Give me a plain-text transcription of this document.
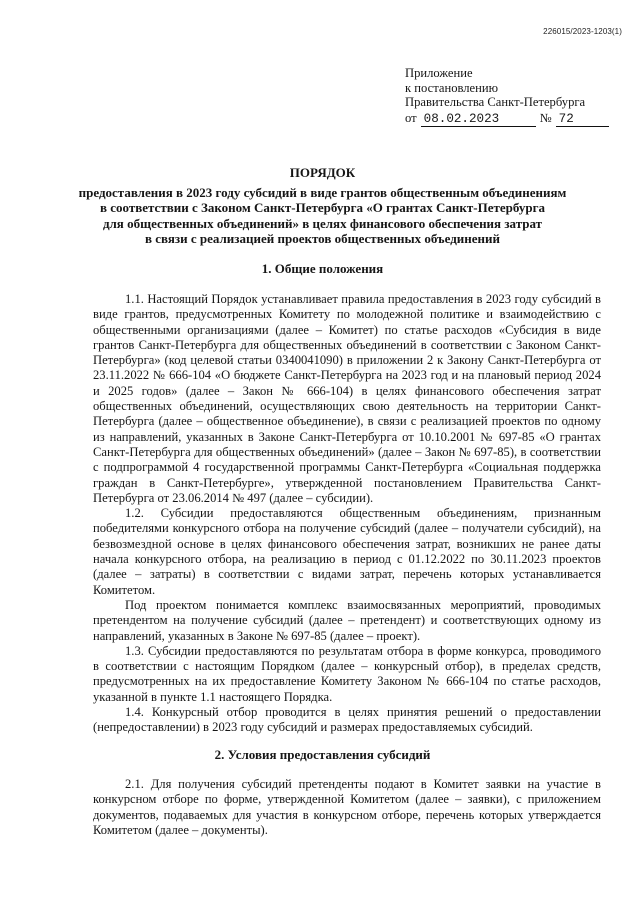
226015/2023-1203(1)
Приложение
к постановлению
Правительства Санкт-Петербурга
от 08.02.2023	№ 72
ПОРЯДОК
предоставления в 2023 году субсидий в виде грантов общественным объединениям
в соответствии с Законом Санкт-Петербурга «О грантах Санкт-Петербурга
для общественных объединений» в целях финансового обеспечения затрат
в связи с реализацией проектов общественных объединений
1. Общие положения

1.1. Настоящий Порядок устанавливает правила предоставления в 2023 году субсидий в виде грантов, предусмотренных Комитету по молодежной политике и взаимодействию с общественными организациями (далее – Комитет) по статье расходов «Субсидия в виде грантов Санкт-Петербурга для общественных объединений в соответствии с Законом Санкт-Петербурга» (код целевой статьи 0340041090) в приложении 2 к Закону Санкт-Петербурга от 23.11.2022 № 666-104 «О бюджете Санкт-Петербурга на 2023 год и на плановый период 2024 и 2025 годов» (далее – Закон № 666-104) в целях финансового обеспечения затрат общественных объединений, осуществляющих свою деятельность на территории Санкт-Петербурга (далее – общественное объединение), в связи с реализацией проектов по одному из направлений, указанных в Законе Санкт-Петербурга от 10.10.2001 № 697-85 «О грантах Санкт-Петербурга для общественных объединений» (далее – Закон № 697-85), в соответствии с подпрограммой 4 государственной программы Санкт-Петербурга «Социальная поддержка граждан в Санкт-Петербурге», утвержденной постановлением Правительства Санкт-Петербурга от 23.06.2014 № 497 (далее – субсидии).

1.2. Субсидии предоставляются общественным объединениям, признанным победителями конкурсного отбора на получение субсидий (далее – получатели субсидий), на безвозмездной основе в целях финансового обеспечения затрат, возникших не ранее даты начала конкурсного отбора, на реализацию в период с 01.12.2022 по 30.11.2023 проектов (далее – затраты) в соответствии с видами затрат, перечень которых устанавливается Комитетом.

Под проектом понимается комплекс взаимосвязанных мероприятий, проводимых претендентом на получение субсидий (далее – претендент) и соответствующих одному из направлений, указанных в Законе № 697-85 (далее – проект).

1.3. Субсидии предоставляются по результатам отбора в форме конкурса, проводимого в соответствии с настоящим Порядком (далее – конкурсный отбор), в пределах средств, предусмотренных на их предоставление Комитету Законом № 666-104 по статье расходов, указанной в пункте 1.1 настоящего Порядка.

1.4. Конкурсный отбор проводится в целях принятия решений о предоставлении (непредоставлении) в 2023 году субсидий и размерах предоставляемых субсидий.

2. Условия предоставления субсидий

2.1. Для получения субсидий претенденты подают в Комитет заявки на участие в конкурсном отборе по форме, утвержденной Комитетом (далее – заявки), с приложением документов, подаваемых для участия в конкурсном отборе, перечень которых утверждается Комитетом (далее – документы).
